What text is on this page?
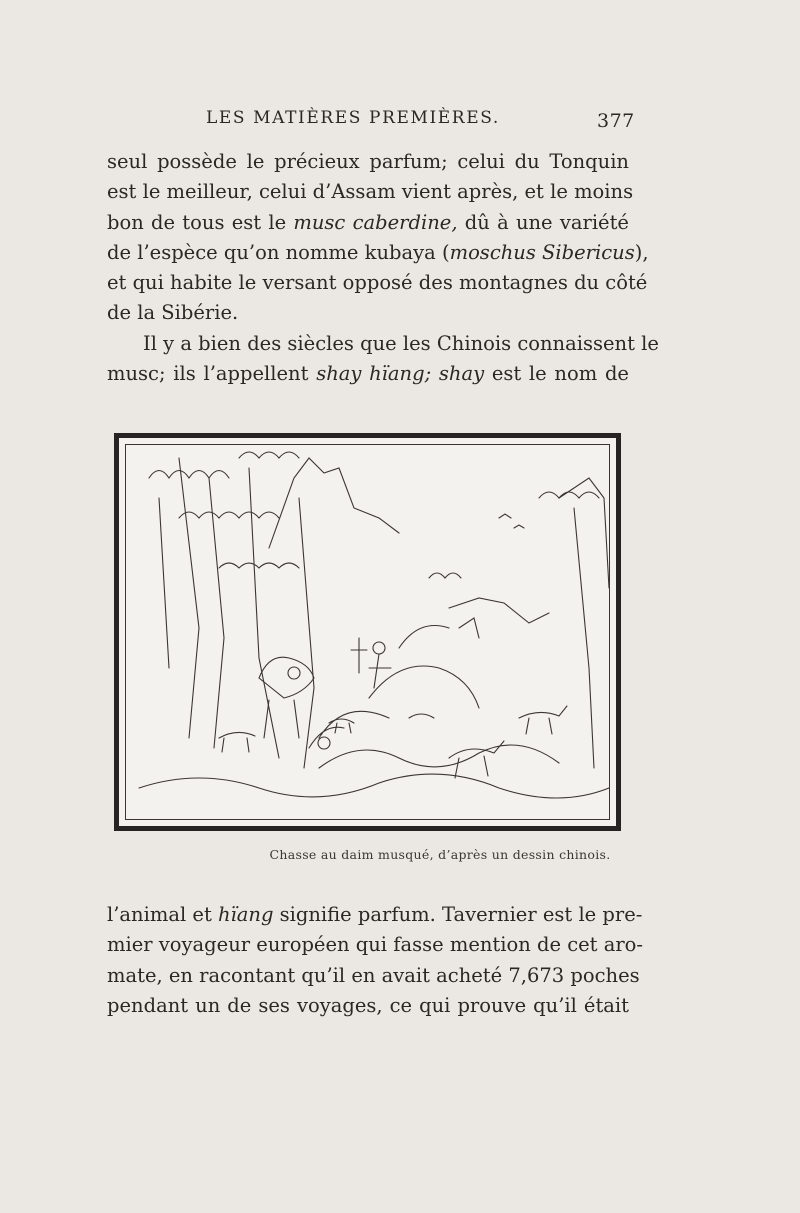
LES MATIÈRES PREMIÈRES.	377
seul possède le précieux parfum; celui du Tonquin
est le meilleur, celui d’Assam vient après, et le moins
bon de tous est le musc caberdine, dû à une variété
de l’espèce qu’on nomme kubaya (moschus Sibericus),
et qui habite le versant opposé des montagnes du côté
de la Sibérie.
Il y a bien des siècles que les Chinois connaissent le
musc; ils l’appellent shay hïang; shay est le nom de
Chasse au daim musqué, d’après un dessin chinois.
l’animal et hïang signifie parfum. Tavernier est le pre-
mier voyageur européen qui fasse mention de cet aro-
mate, en racontant qu’il en avait acheté 7,673 poches
pendant un de ses voyages, ce qui prouve qu’il était
